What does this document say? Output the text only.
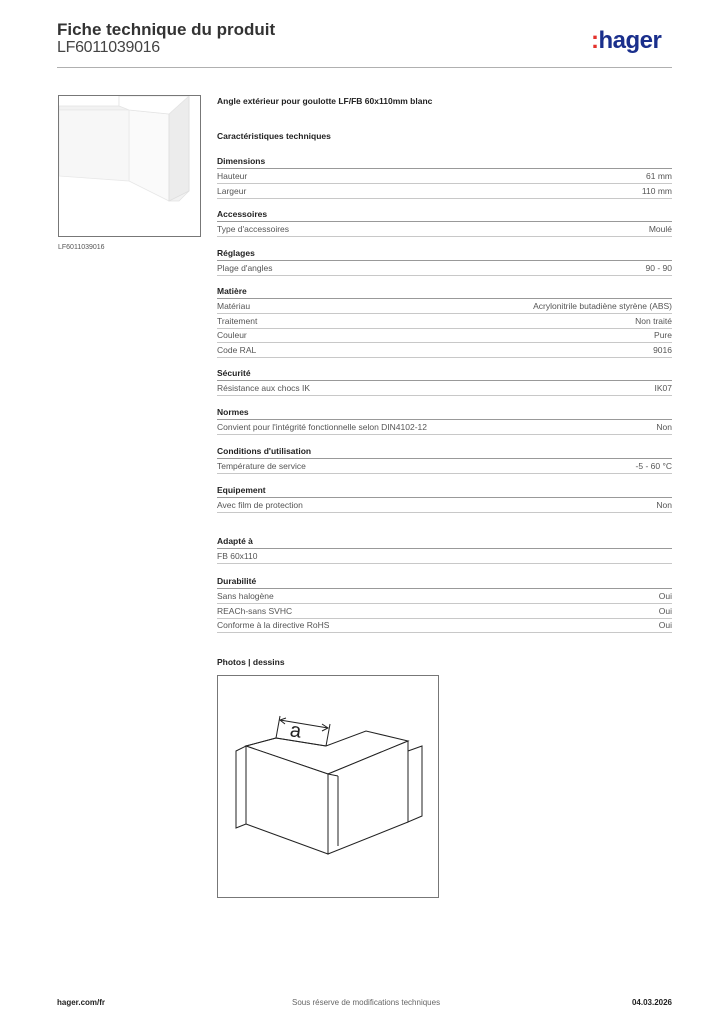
Fiche technique du produit
LF6011039016	:hager
LF6011039016
Angle extérieur pour goulotte LF/FB 60x110mm blanc
Caractéristiques techniques
Dimensions
Hauteur	61 mm
Largeur	110 mm
Accessoires
Type d'accessoires	Moulé
Réglages
Plage d'angles	90 - 90
Matière
Matériau	Acrylonitrile butadiène styrène (ABS)
Traitement	Non traité
Couleur	Pure
Code RAL	9016
Sécurité
Résistance aux chocs IK	IK07
Normes
Convient pour l'intégrité fonctionnelle selon DIN4102-12	Non
Conditions d'utilisation
Température de service	-5 - 60 °C
Equipement
Avec film de protection	Non
Adapté à
FB 60x110
Durabilité
Sans halogène	Oui
REACh-sans SVHC	Oui
Conforme à la directive RoHS	Oui
Photos | dessins
a
hager.com/fr	Sous réserve de modifications techniques	04.03.2026
